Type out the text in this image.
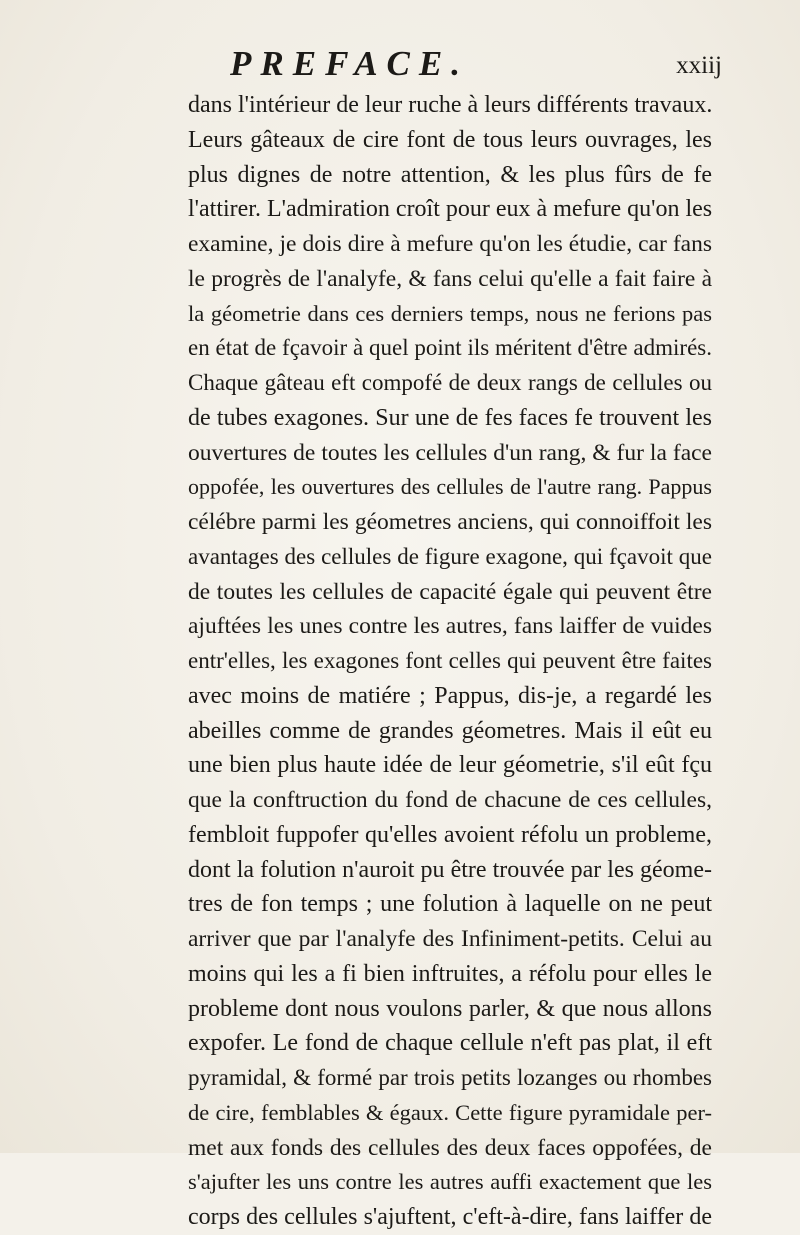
PREFACE.	xxiij
dans l'intérieur de leur ruche à leurs différents travaux.
Leurs gâteaux de cire font de tous leurs ouvrages, les
plus dignes de notre attention, & les plus fûrs de fe
l'attirer. L'admiration croît pour eux à mefure qu'on les
examine, je dois dire à mefure qu'on les étudie, car fans
le progrès de l'analyfe, & fans celui qu'elle a fait faire à
la géometrie dans ces derniers temps, nous ne ferions pas
en état de fçavoir à quel point ils méritent d'être admirés.
Chaque gâteau eft compofé de deux rangs de cellules ou
de tubes exagones. Sur une de fes faces fe trouvent les
ouvertures de toutes les cellules d'un rang, & fur la face
oppofée, les ouvertures des cellules de l'autre rang. Pappus
célébre parmi les géometres anciens, qui connoiffoit les
avantages des cellules de figure exagone, qui fçavoit que
de toutes les cellules de capacité égale qui peuvent être
ajuftées les unes contre les autres, fans laiffer de vuides
entr'elles, les exagones font celles qui peuvent être faites
avec moins de matiére ; Pappus, dis-je, a regardé les
abeilles comme de grandes géometres. Mais il eût eu
une bien plus haute idée de leur géometrie, s'il eût fçu
que la conftruction du fond de chacune de ces cellules,
fembloit fuppofer qu'elles avoient réfolu un probleme,
dont la folution n'auroit pu être trouvée par les géome-
tres de fon temps ; une folution à laquelle on ne peut
arriver que par l'analyfe des Infiniment-petits. Celui au
moins qui les a fi bien inftruites, a réfolu pour elles le
probleme dont nous voulons parler, & que nous allons
expofer. Le fond de chaque cellule n'eft pas plat, il eft
pyramidal, & formé par trois petits lozanges ou rhombes
de cire, femblables & égaux. Cette figure pyramidale per-
met aux fonds des cellules des deux faces oppofées, de
s'ajufter les uns contre les autres auffi exactement que les
corps des cellules s'ajuftent, c'eft-à-dire, fans laiffer de
